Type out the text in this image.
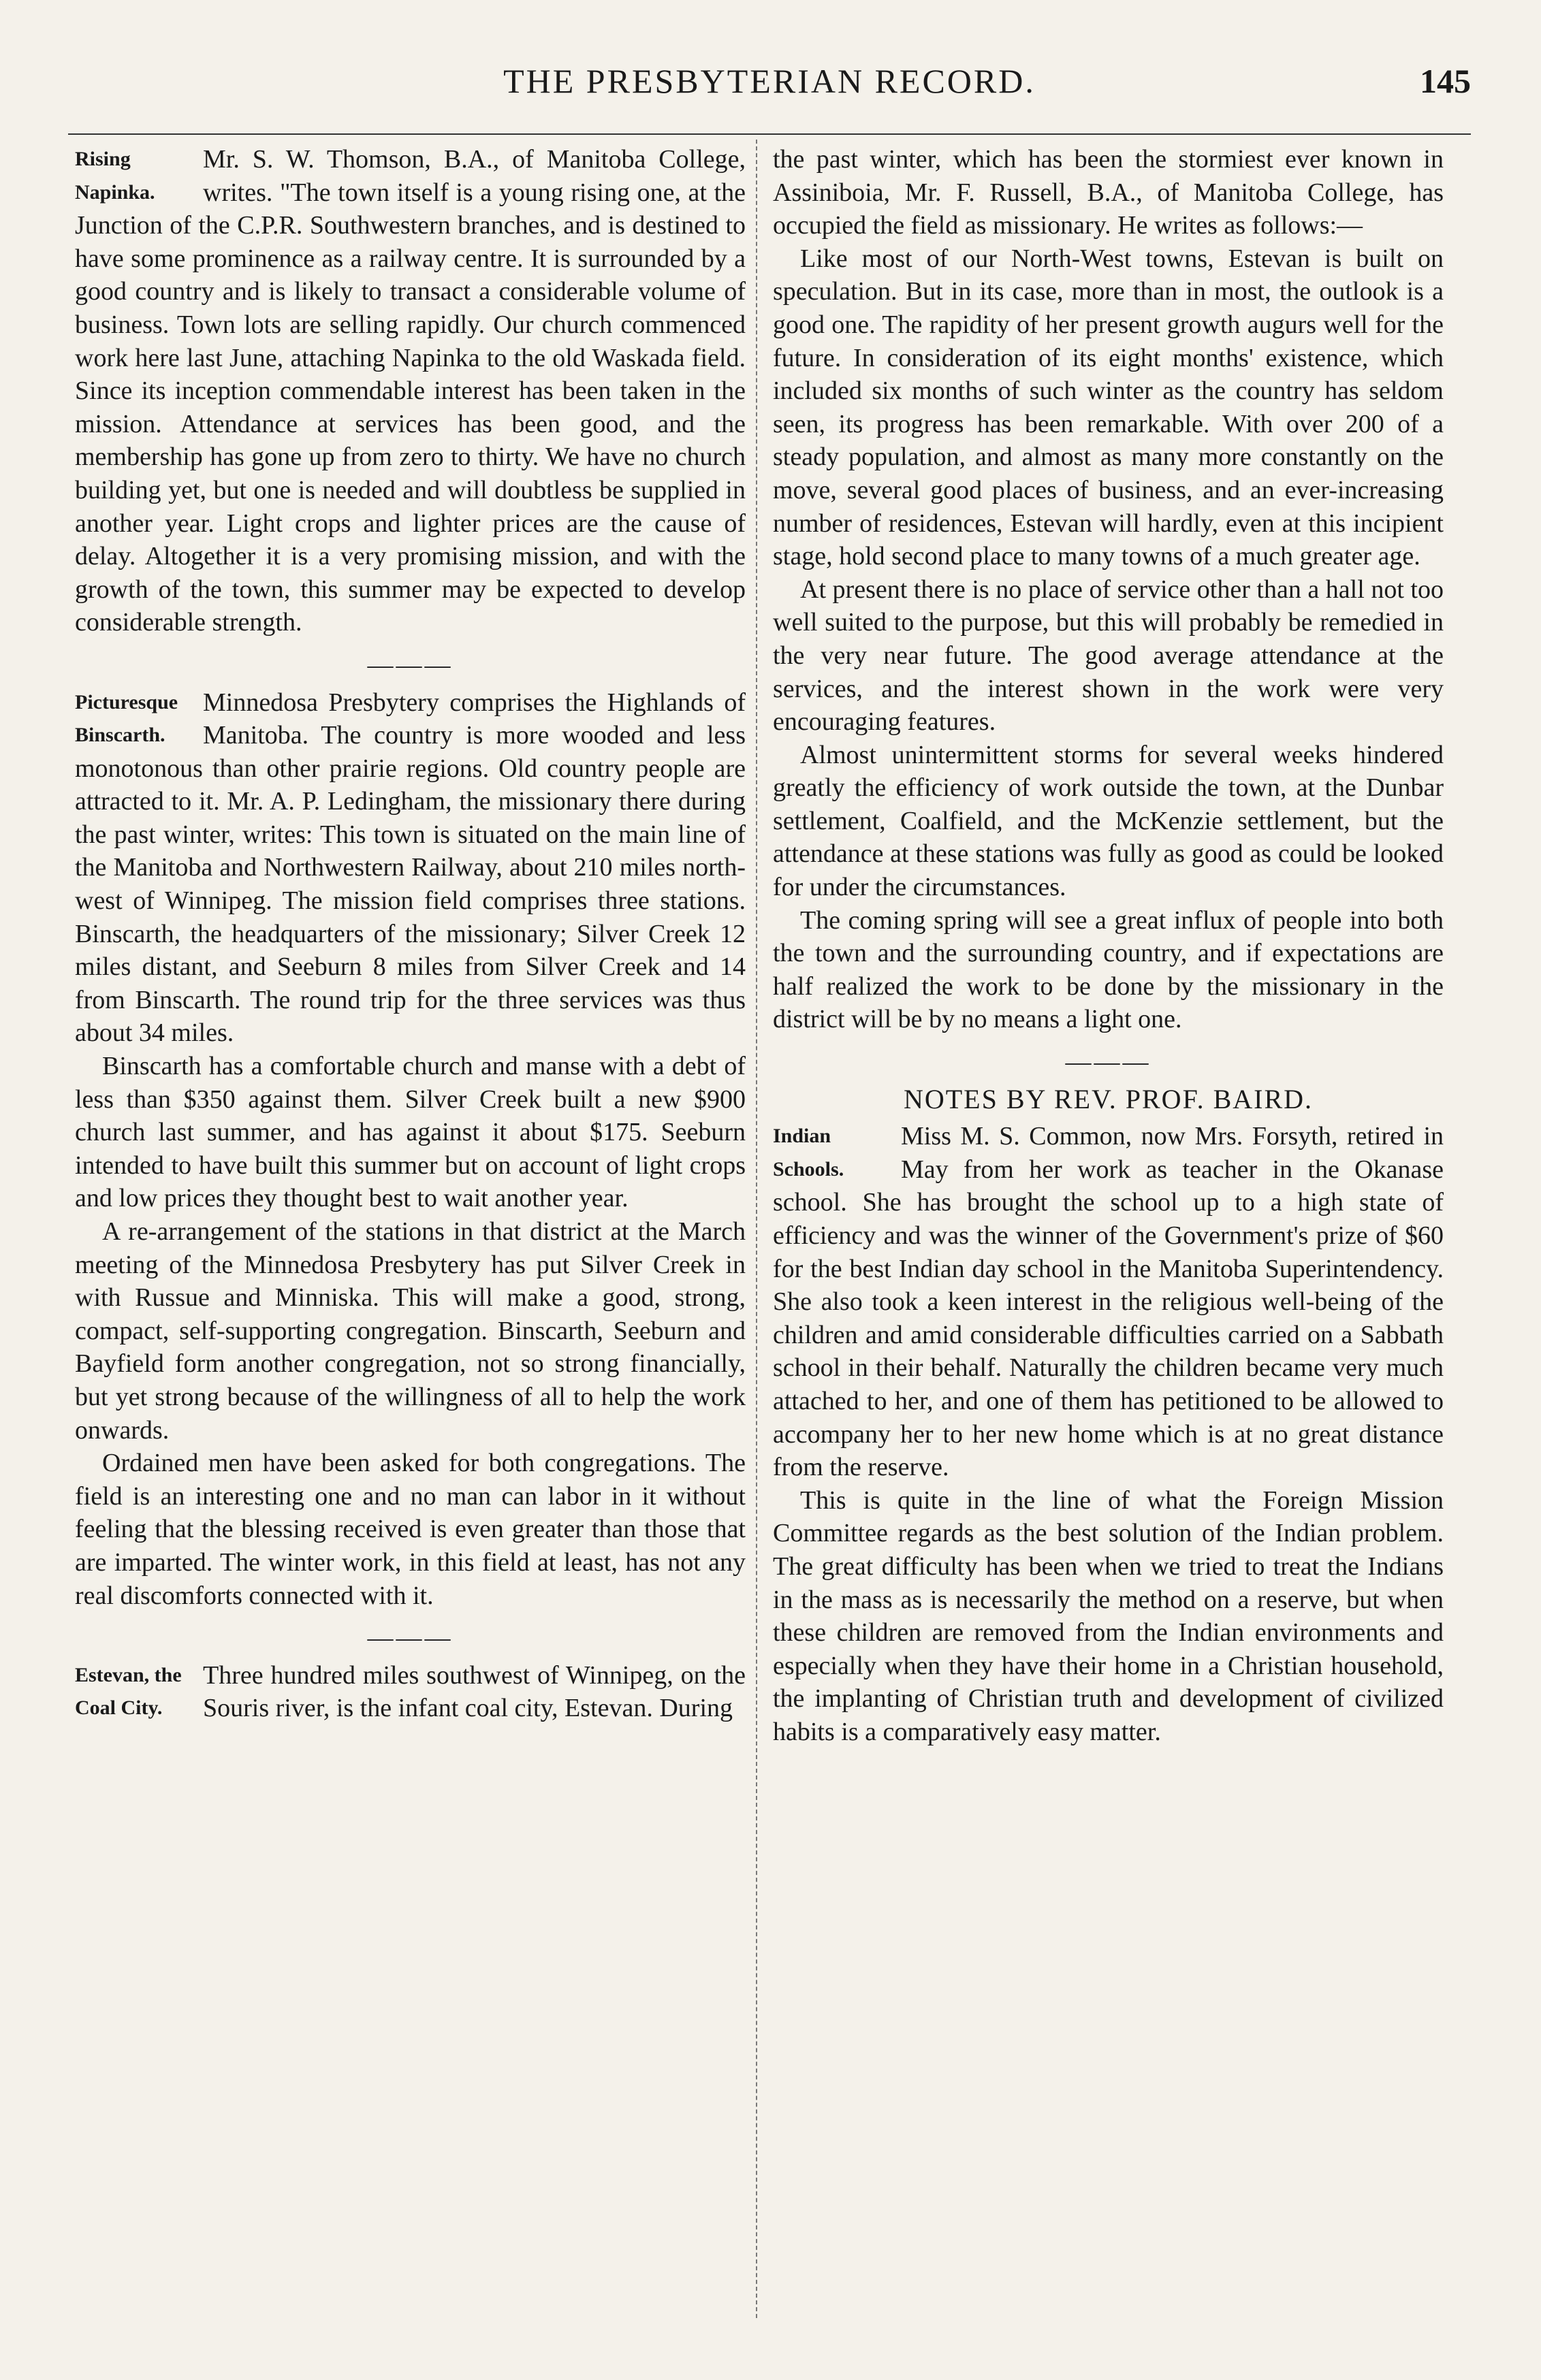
THE PRESBYTERIAN RECORD.	145
Rising Napinka.

Mr. S. W. Thomson, B.A., of Manitoba College, writes. "The town itself is a young rising one, at the Junction of the C.P.R. Southwestern branches, and is destined to have some prominence as a railway centre. It is surrounded by a good country and is likely to transact a considerable volume of business. Town lots are selling rapidly. Our church commenced work here last June, attaching Napinka to the old Waskada field. Since its inception commendable interest has been taken in the mission. Attendance at services has been good, and the membership has gone up from zero to thirty. We have no church building yet, but one is needed and will doubtless be supplied in another year. Light crops and lighter prices are the cause of delay. Altogether it is a very promising mission, and with the growth of the town, this summer may be expected to develop considerable strength.

———
Picturesque Binscarth.

Minnedosa Presbytery comprises the Highlands of Manitoba. The country is more wooded and less monotonous than other prairie regions. Old country people are attracted to it. Mr. A. P. Ledingham, the missionary there during the past winter, writes: This town is situated on the main line of the Manitoba and Northwestern Railway, about 210 miles north-west of Winnipeg. The mission field comprises three stations. Binscarth, the headquarters of the missionary; Silver Creek 12 miles distant, and Seeburn 8 miles from Silver Creek and 14 from Binscarth. The round trip for the three services was thus about 34 miles.

Binscarth has a comfortable church and manse with a debt of less than $350 against them. Silver Creek built a new $900 church last summer, and has against it about $175. Seeburn intended to have built this summer but on account of light crops and low prices they thought best to wait another year.

A re-arrangement of the stations in that district at the March meeting of the Minnedosa Presbytery has put Silver Creek in with Russue and Minniska. This will make a good, strong, compact, self-supporting congregation. Binscarth, Seeburn and Bayfield form another congregation, not so strong financially, but yet strong because of the willingness of all to help the work onwards.

Ordained men have been asked for both congregations. The field is an interesting one and no man can labor in it without feeling that the blessing received is even greater than those that are imparted. The winter work, in this field at least, has not any real discomforts connected with it.

———
Estevan, the Coal City.

Three hundred miles southwest of Winnipeg, on the Souris river, is the infant coal city, Estevan. During

the past winter, which has been the stormiest ever known in Assiniboia, Mr. F. Russell, B.A., of Manitoba College, has occupied the field as missionary. He writes as follows:—

Like most of our North-West towns, Estevan is built on speculation. But in its case, more than in most, the outlook is a good one. The rapidity of her present growth augurs well for the future. In consideration of its eight months' existence, which included six months of such winter as the country has seldom seen, its progress has been remarkable. With over 200 of a steady population, and almost as many more constantly on the move, several good places of business, and an ever-increasing number of residences, Estevan will hardly, even at this incipient stage, hold second place to many towns of a much greater age.

At present there is no place of service other than a hall not too well suited to the purpose, but this will probably be remedied in the very near future. The good average attendance at the services, and the interest shown in the work were very encouraging features.

Almost unintermittent storms for several weeks hindered greatly the efficiency of work outside the town, at the Dunbar settlement, Coalfield, and the McKenzie settlement, but the attendance at these stations was fully as good as could be looked for under the circumstances.

The coming spring will see a great influx of people into both the town and the surrounding country, and if expectations are half realized the work to be done by the missionary in the district will be by no means a light one.

———
NOTES BY REV. PROF. BAIRD.
Indian Schools.

Miss M. S. Common, now Mrs. Forsyth, retired in May from her work as teacher in the Okanase school. She has brought the school up to a high state of efficiency and was the winner of the Government's prize of $60 for the best Indian day school in the Manitoba Superintendency. She also took a keen interest in the religious well-being of the children and amid considerable difficulties carried on a Sabbath school in their behalf. Naturally the children became very much attached to her, and one of them has petitioned to be allowed to accompany her to her new home which is at no great distance from the reserve.

This is quite in the line of what the Foreign Mission Committee regards as the best solution of the Indian problem. The great difficulty has been when we tried to treat the Indians in the mass as is necessarily the method on a reserve, but when these children are removed from the Indian environments and especially when they have their home in a Christian household, the implanting of Christian truth and development of civilized habits is a comparatively easy matter.
